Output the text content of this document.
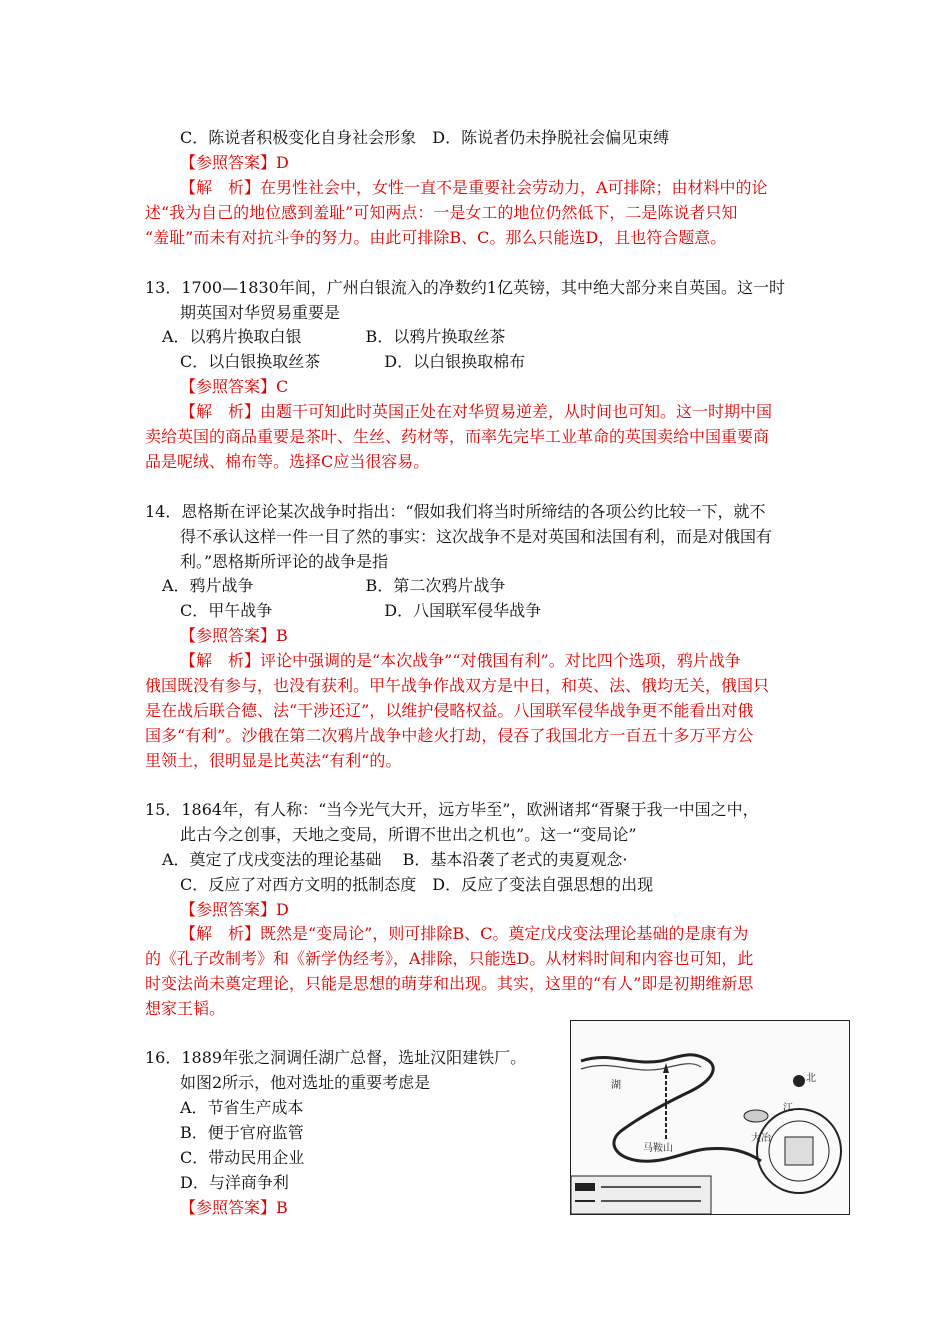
C．陈说者积极变化自身社会形象　D．陈说者仍未挣脱社会偏见束缚
【参照答案】D
【解　析】在男性社会中，女性一直不是重要社会劳动力，A可排除；由材料中的论
述“我为自己的地位感到羞耻”可知两点：一是女工的地位仍然低下，二是陈说者只知
“羞耻”而未有对抗斗争的努力。由此可排除B、C。那么只能选D，且也符合题意。
13．1700—1830年间，广州白银流入的净数约1亿英镑，其中绝大部分来自英国。这一时
期英国对华贸易重要是
A．以鸦片换取白银　　　　B．以鸦片换取丝茶
C．以白银换取丝茶　　　　D．以白银换取棉布
【参照答案】C
【解　析】由题干可知此时英国正处在对华贸易逆差，从时间也可知。这一时期中国
卖给英国的商品重要是茶叶、生丝、药材等，而率先完毕工业革命的英国卖给中国重要商
品是呢绒、棉布等。选择C应当很容易。
14．恩格斯在评论某次战争时指出：“假如我们将当时所缔结的各项公约比较一下，就不
得不承认这样一件一目了然的事实：这次战争不是对英国和法国有利，而是对俄国有
利。”恩格斯所评论的战争是指
A．鸦片战争　　　　　　　B．第二次鸦片战争
C．甲午战争　　　　　　　D．八国联军侵华战争
【参照答案】B
【解　析】评论中强调的是“本次战争”“对俄国有利”。对比四个选项，鸦片战争
俄国既没有参与，也没有获利。甲午战争作战双方是中日，和英、法、俄均无关，俄国只
是在战后联合德、法“干涉还辽”，以维护侵略权益。八国联军侵华战争更不能看出对俄
国多“有利”。沙俄在第二次鸦片战争中趁火打劫，侵吞了我国北方一百五十多万平方公
里领土，很明显是比英法“有利“的。
15．1864年，有人称：“当今光气大开，远方毕至”，欧洲诸邦“胥聚于我一中国之中，
此古今之创事，天地之变局，所谓不世出之机也”。这一“变局论”
A．奠定了戊戌变法的理论基础　 B．基本沿袭了老式的夷夏观念·
C．反应了对西方文明的抵制态度　D．反应了变法自强思想的出现
【参照答案】D
【解　析】既然是“变局论”，则可排除B、C。奠定戊戌变法理论基础的是康有为
的《孔子改制考》和《新学伪经考》，A排除，只能选D。从材料时间和内容也可知，此
时变法尚未奠定理论，只能是思想的萌芽和出现。其实，这里的“有人”即是初期维新思
想家王韬。
16．1889年张之洞调任湖广总督，选址汉阳建铁厂。
如图2所示，他对选址的重要考虑是
A．节省生产成本
B．便于官府监管
C．带动民用企业
D．与洋商争利
【参照答案】B
北
江
湖
马鞍山
大冶
